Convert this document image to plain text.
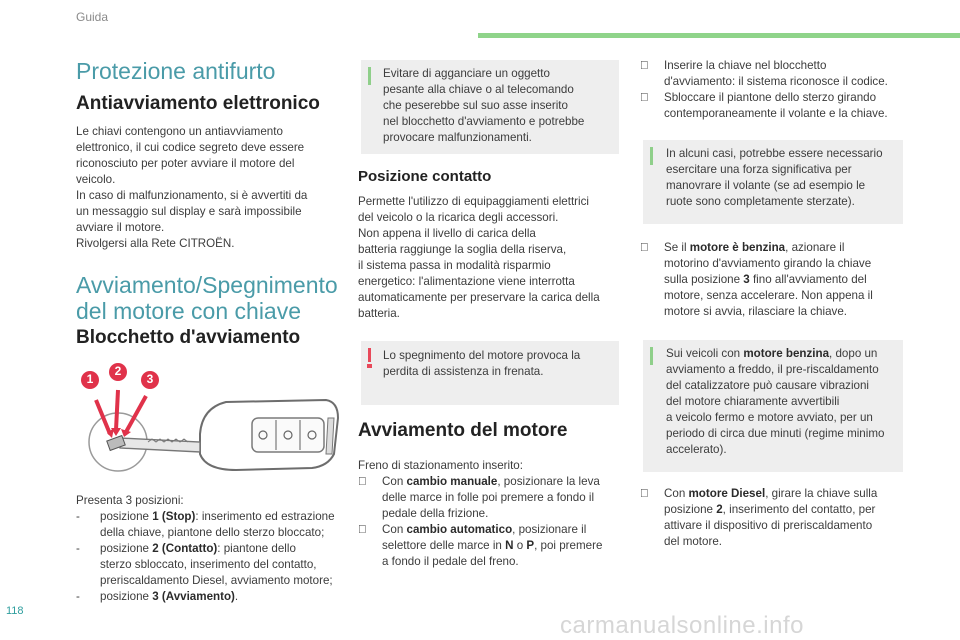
Guida
Protezione antifurto
Antiavviamento elettronico
Le chiavi contengono un antiavviamento
elettronico, il cui codice segreto deve essere
riconosciuto per poter avviare il motore del
veicolo.
In caso di malfunzionamento, si è avvertiti da
un messaggio sul display e sarà impossibile
avviare il motore.
Rivolgersi alla Rete CITROËN.
Avviamento/Spegnimento
del motore con chiave
Blocchetto d'avviamento
1
2
3
Presenta 3 posizioni:
- posizione 1 (Stop): inserimento ed estrazione
della chiave, piantone dello sterzo bloccato;
- posizione 2 (Contatto): piantone dello
sterzo sbloccato, inserimento del contatto,
preriscaldamento Diesel, avviamento motore;
- posizione 3 (Avviamento).
Evitare di agganciare un oggetto
pesante alla chiave o al telecomando
che peserebbe sul suo asse inserito
nel blocchetto d'avviamento e potrebbe
provocare malfunzionamenti.
Posizione contatto
Permette l'utilizzo di equipaggiamenti elettrici
del veicolo o la ricarica degli accessori.
Non appena il livello di carica della
batteria raggiunge la soglia della riserva,
il sistema passa in modalità risparmio
energetico: l'alimentazione viene interrotta
automaticamente per preservare la carica della
batteria.
Lo spegnimento del motore provoca la
perdita di assistenza in frenata.
Avviamento del motore
Freno di stazionamento inserito:
Con cambio manuale, posizionare la leva
delle marce in folle poi premere a fondo il
pedale della frizione.
Con cambio automatico, posizionare il
selettore delle marce in N o P, poi premere
a fondo il pedale del freno.
Inserire la chiave nel blocchetto
d'avviamento: il sistema riconosce il codice.
Sbloccare il piantone dello sterzo girando
contemporaneamente il volante e la chiave.
In alcuni casi, potrebbe essere necessario
esercitare una forza significativa per
manovrare il volante (se ad esempio le
ruote sono completamente sterzate).
Se il motore è benzina, azionare il
motorino d'avviamento girando la chiave
sulla posizione 3 fino all'avviamento del
motore, senza accelerare. Non appena il
motore si avvia, rilasciare la chiave.
Sui veicoli con motore benzina, dopo un
avviamento a freddo, il pre-riscaldamento
del catalizzatore può causare vibrazioni
del motore chiaramente avvertibili
a veicolo fermo e motore avviato, per un
periodo di circa due minuti (regime minimo
accelerato).
Con motore Diesel, girare la chiave sulla
posizione 2, inserimento del contatto, per
attivare il dispositivo di preriscaldamento
del motore.
118
carmanualsonline.info
